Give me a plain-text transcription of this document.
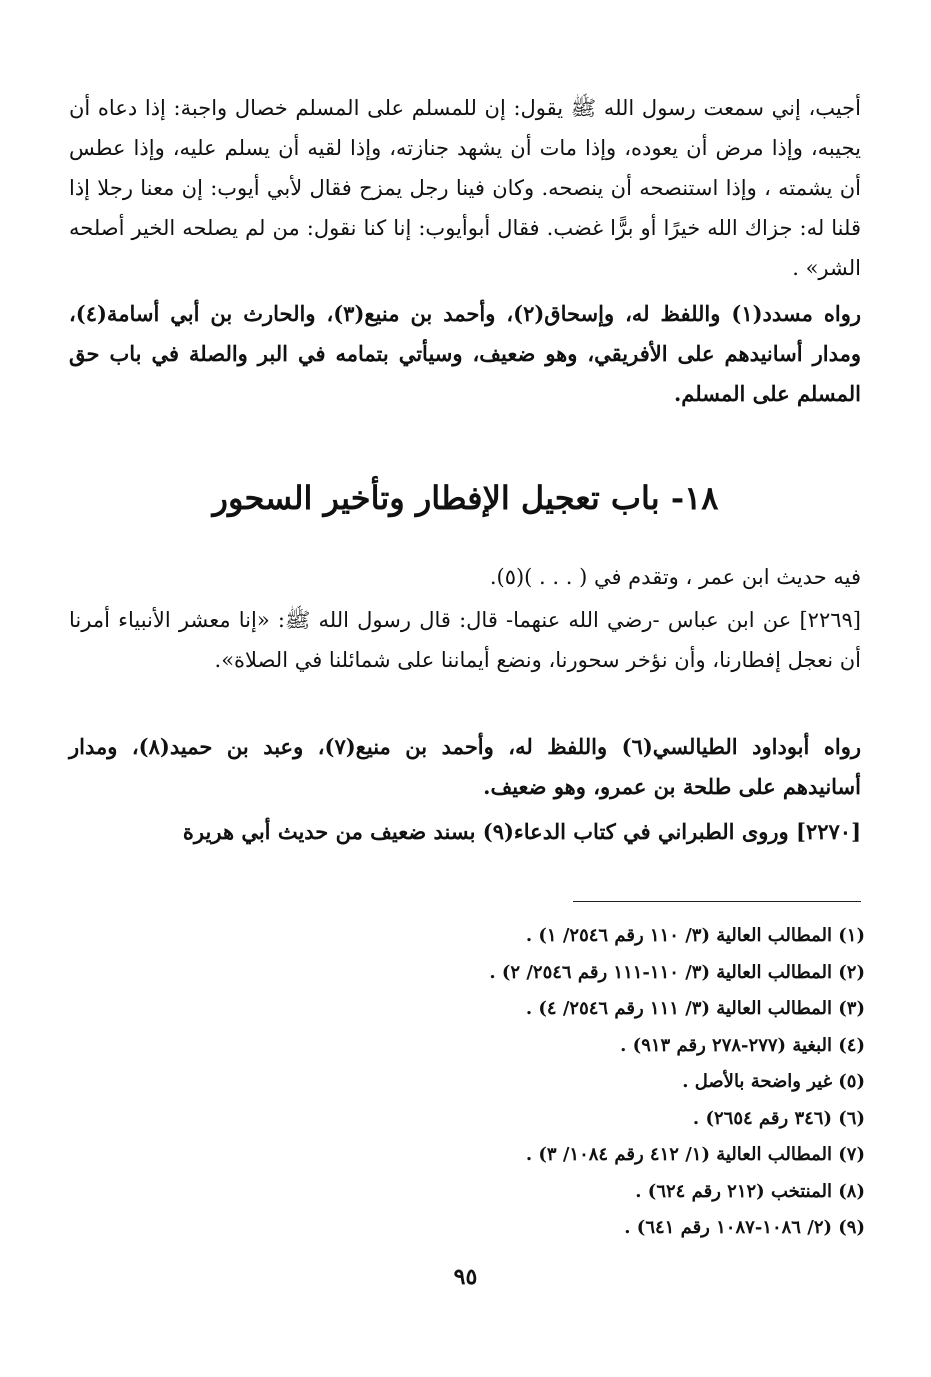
أجيب، إني سمعت رسول الله ﷺ يقول: إن للمسلم على المسلم خصال واجبة: إذا دعاه أن يجيبه، وإذا مرض أن يعوده، وإذا مات أن يشهد جنازته، وإذا لقيه أن يسلم عليه، وإذا عطس أن يشمته ، وإذا استنصحه أن ينصحه. وكان فينا رجل يمزح فقال لأبي أيوب: إن معنا رجلا إذا قلنا له: جزاك الله خيرًا أو برًّا غضب. فقال أبوأيوب: إنا كنا نقول: من لم يصلحه الخير أصلحه الشر» .

رواه مسدد(١) واللفظ له، وإسحاق(٢)، وأحمد بن منيع(٣)، والحارث بن أبي أسامة(٤)، ومدار أسانيدهم على الأفريقي، وهو ضعيف، وسيأتي بتمامه في البر والصلة في باب حق المسلم على المسلم.

١٨- باب تعجيل الإفطار وتأخير السحور

فيه حديث ابن عمر ، وتقدم في ( . . . )(٥).

[٢٢٦٩] عن ابن عباس -رضي الله عنهما- قال: قال رسول الله ﷺ: «إنا معشر الأنبياء أمرنا أن نعجل إفطارنا، وأن نؤخر سحورنا، ونضع أيماننا على شمائلنا في الصلاة».

رواه أبوداود الطيالسي(٦) واللفظ له، وأحمد بن منيع(٧)، وعبد بن حميد(٨)، ومدار أسانيدهم على طلحة بن عمرو، وهو ضعيف.

[٢٢٧٠] وروى الطبراني في كتاب الدعاء(٩) بسند ضعيف من حديث أبي هريرة

(١) المطالب العالية (٣/ ١١٠ رقم ٢٥٤٦/ ١) .
(٢) المطالب العالية (٣/ ١١٠-١١١ رقم ٢٥٤٦/ ٢) .
(٣) المطالب العالية (٣/ ١١١ رقم ٢٥٤٦/ ٤) .
(٤) البغية (٢٧٧-٢٧٨ رقم ٩١٣) .
(٥) غير واضحة بالأصل .
(٦) (٣٤٦ رقم ٢٦٥٤) .
(٧) المطالب العالية (١/ ٤١٢ رقم ١٠٨٤/ ٣) .
(٨) المنتخب (٢١٢ رقم ٦٢٤) .
(٩) (٢/ ١٠٨٦-١٠٨٧ رقم ٦٤١) .
٩٥
